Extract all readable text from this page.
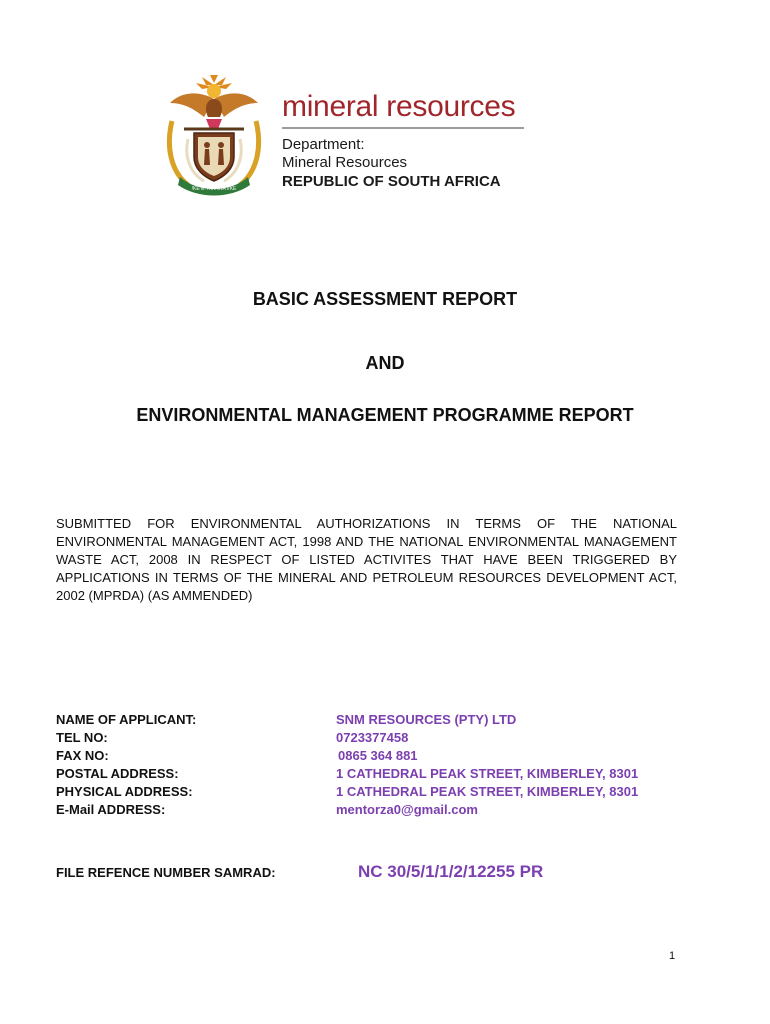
!KE E: /XARRA //KE
mineral resources
Department:
Mineral Resources
REPUBLIC OF SOUTH AFRICA
BASIC ASSESSMENT REPORT
AND
ENVIRONMENTAL MANAGEMENT PROGRAMME REPORT
SUBMITTED FOR ENVIRONMENTAL AUTHORIZATIONS IN TERMS OF THE NATIONAL ENVIRONMENTAL MANAGEMENT ACT, 1998 AND THE NATIONAL ENVIRONMENTAL MANAGEMENT WASTE ACT, 2008 IN RESPECT OF LISTED ACTIVITES THAT HAVE BEEN TRIGGERED BY APPLICATIONS IN TERMS OF THE MINERAL AND PETROLEUM RESOURCES DEVELOPMENT ACT, 2002 (MPRDA) (AS AMMENDED)
NAME OF APPLICANT:	SNM RESOURCES (PTY) LTD
TEL NO:	0723377458
FAX NO:	0865 364 881
POSTAL ADDRESS:	1 CATHEDRAL PEAK STREET, KIMBERLEY, 8301
PHYSICAL ADDRESS:	1 CATHEDRAL PEAK STREET, KIMBERLEY, 8301
E-Mail ADDRESS:	mentorza0@gmail.com
FILE REFENCE NUMBER SAMRAD:	NC 30/5/1/1/2/12255 PR
1
